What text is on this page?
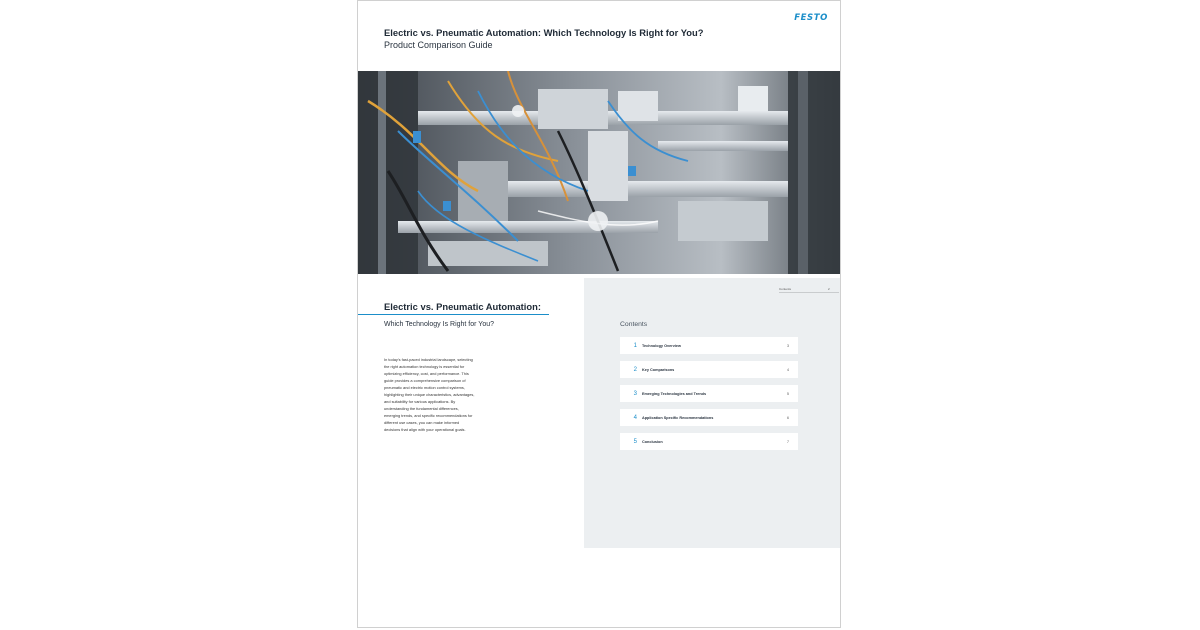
Electric vs. Pneumatic Automation: Which Technology Is Right for You?
Product Comparison Guide
FESTO
Electric vs. Pneumatic Automation:
Which Technology Is Right for You?
In today's fast-paced industrial landscape, selecting the right automation technology is essential for optimizing efficiency, cost, and performance. This guide provides a comprehensive comparison of pneumatic and electric motion control systems, highlighting their unique characteristics, advantages, and suitability for various applications. By understanding the fundamental differences, emerging trends, and specific recommendations for different use cases, you can make informed decisions that align with your operational goals.
Contents	2
Contents
1	Technology Overview	3
2	Key Comparisons	4
3	Emerging Technologies and Trends	5
4	Application Specific Recommendations	6
5	Conclusion	7
